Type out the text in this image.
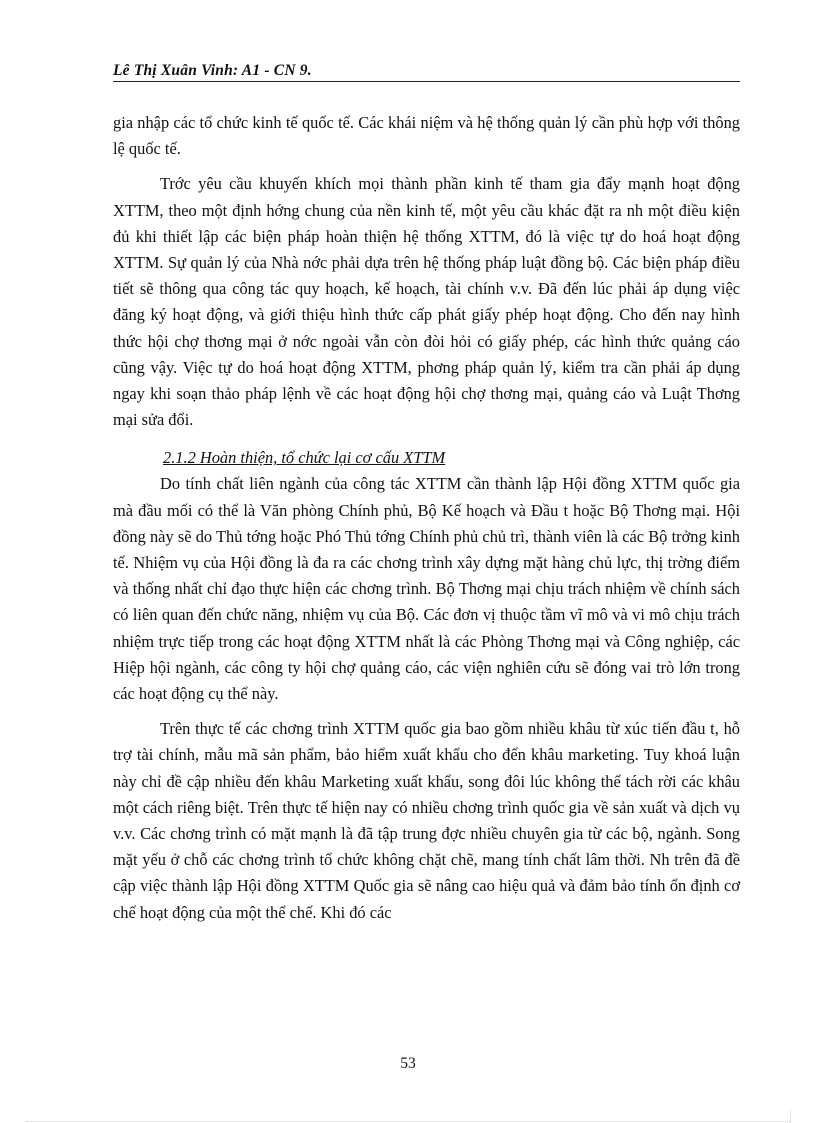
Lê Thị Xuân Vinh: A1 - CN 9.

gia nhập các tổ chức kinh tế quốc tế. Các khái niệm và hệ thống quản lý cần phù hợp với thông lệ quốc tế.

Trớc yêu cầu khuyến khích mọi thành phần kinh tế tham gia đẩy mạnh hoạt động XTTM, theo một định hớng chung của nền kinh tế, một yêu cầu khác đặt ra nh một điều kiện đủ khi thiết lập các biện pháp hoàn thiện hệ thống XTTM, đó là việc tự do hoá hoạt động XTTM. Sự quản lý của Nhà nớc phải dựa trên hệ thống pháp luật đồng bộ. Các biện pháp điều tiết sẽ thông qua công tác quy hoạch, kế hoạch, tài chính v.v. Đã đến lúc phải áp dụng việc đăng ký hoạt động, và giới thiệu hình thức cấp phát giấy phép hoạt động. Cho đến nay hình thức hội chợ thơng mại ở nớc ngoài vẫn còn đòi hỏi có giấy phép, các hình thức quảng cáo cũng vậy. Việc tự do hoá hoạt động XTTM, phơng pháp quản lý, kiểm tra cần phải áp dụng ngay khi soạn thảo pháp lệnh về các hoạt động hội chợ thơng mại, quảng cáo và Luật Thơng mại sửa đổi.

2.1.2 Hoàn thiện, tổ chức lại cơ cấu XTTM

Do tính chất liên ngành của công tác XTTM cần thành lập Hội đồng XTTM quốc gia mà đầu mối có thể là Văn phòng Chính phủ, Bộ Kế hoạch và Đầu t hoặc Bộ Thơng mại. Hội đồng này sẽ do Thủ tớng hoặc Phó Thủ tớng Chính phủ chủ trì, thành viên là các Bộ trởng kinh tế. Nhiệm vụ của Hội đồng là đa ra các chơng trình xây dựng mặt hàng chủ lực, thị trờng điểm và thống nhất chỉ đạo thực hiện các chơng trình. Bộ Thơng mại chịu trách nhiệm về chính sách có liên quan đến chức năng, nhiệm vụ của Bộ. Các đơn vị thuộc tầm vĩ mô và vi mô chịu trách nhiệm trực tiếp trong các hoạt động XTTM nhất là các Phòng Thơng mại và Công nghiệp, các Hiệp hội ngành, các công ty hội chợ quảng cáo, các viện nghiên cứu sẽ đóng vai trò lớn trong các hoạt động cụ thể này.

Trên thực tế các chơng trình XTTM quốc gia bao gồm nhiều khâu từ xúc tiến đầu t, hỗ trợ tài chính, mẫu mã sản phẩm, bảo hiểm xuất khẩu cho đến khâu marketing. Tuy khoá luận này chỉ đề cập nhiều đến khâu Marketing xuất khẩu, song đôi lúc không thể tách rời các khâu một cách riêng biệt. Trên thực tế hiện nay có nhiều chơng trình quốc gia về sản xuất và dịch vụ v.v. Các chơng trình có mặt mạnh là đã tập trung đợc nhiều chuyên gia từ các bộ, ngành. Song mặt yếu ở chỗ các chơng trình tổ chức không chặt chẽ, mang tính chất lâm thời. Nh trên đã đề cập việc thành lập Hội đồng XTTM Quốc gia sẽ nâng cao hiệu quả và đảm bảo tính ổn định cơ chế hoạt động của một thể chế. Khi đó các

53
